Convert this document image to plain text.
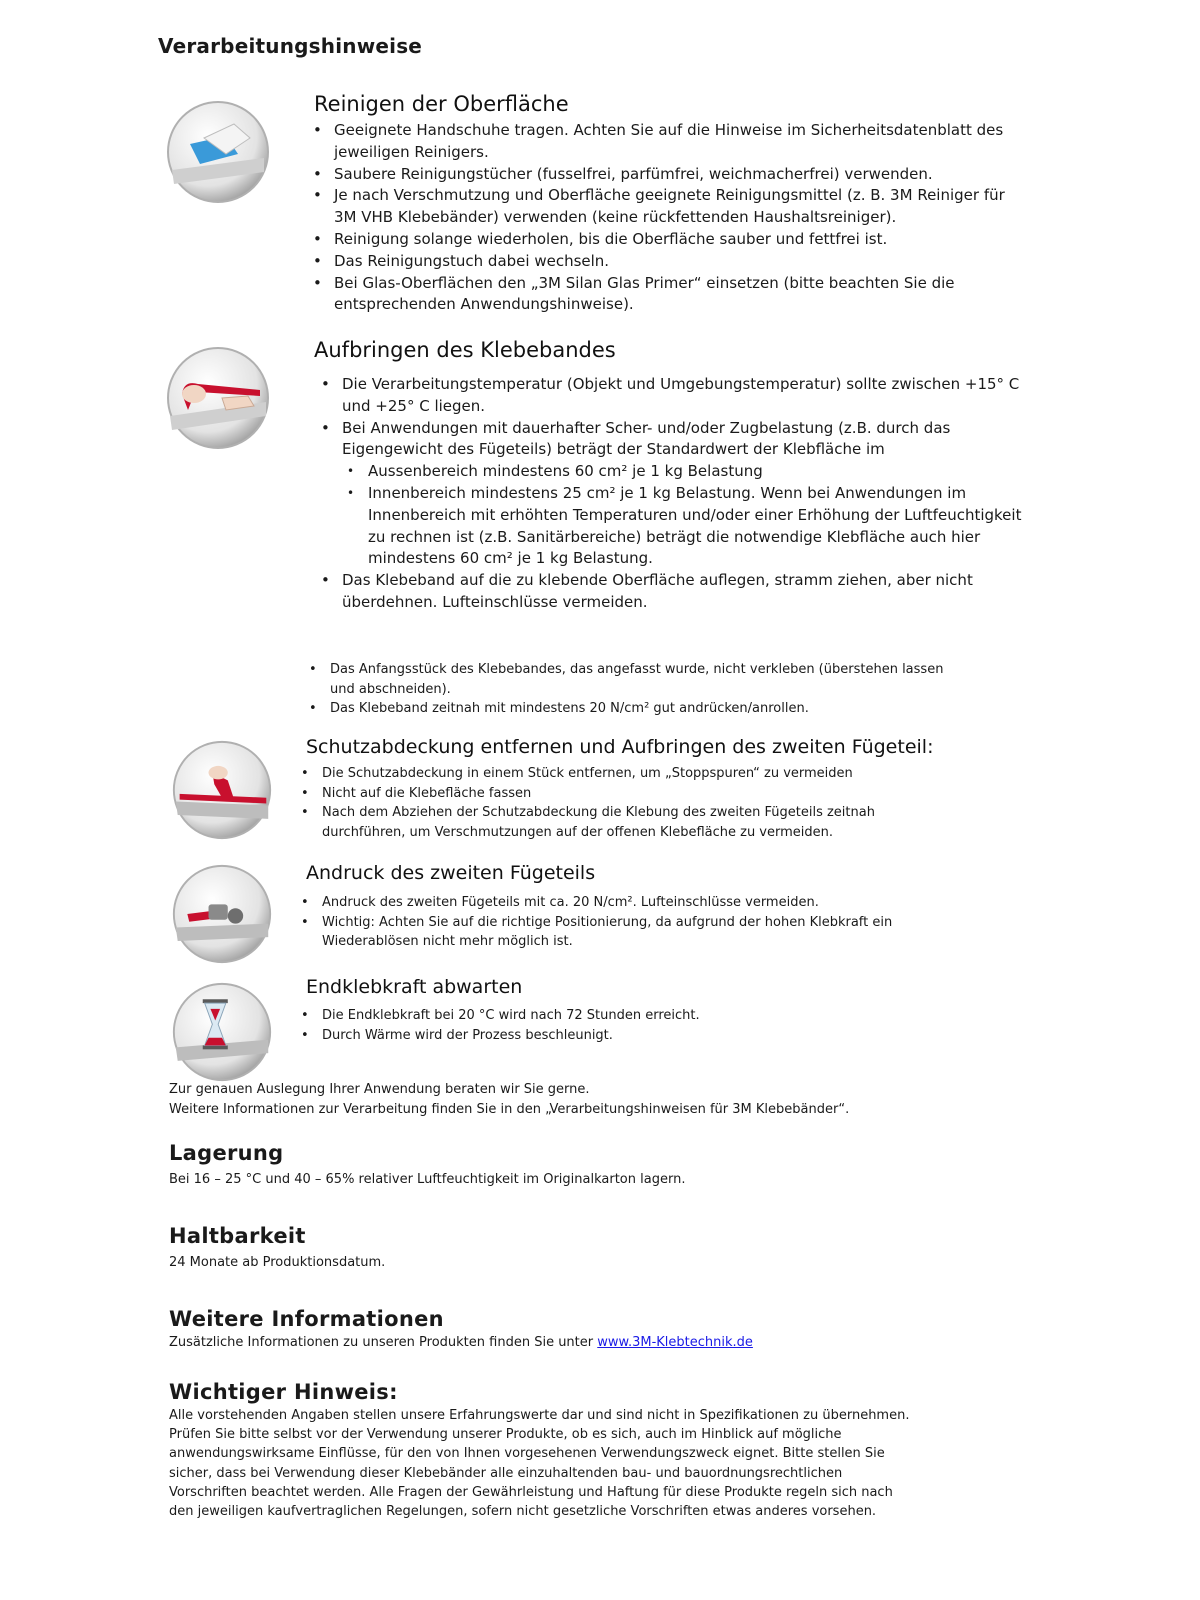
Verarbeitungshinweise
Reinigen der Oberfläche
• Geeignete Handschuhe tragen. Achten Sie auf die Hinweise im Sicherheitsdatenblatt des jeweiligen Reinigers.
• Saubere Reinigungstücher (fusselfrei, parfümfrei, weichmacherfrei) verwenden.
• Je nach Verschmutzung und Oberfläche geeignete Reinigungsmittel (z. B. 3M Reiniger für 3M VHB Klebebänder) verwenden (keine rückfettenden Haushaltsreiniger).
• Reinigung solange wiederholen, bis die Oberfläche sauber und fettfrei ist.
• Das Reinigungstuch dabei wechseln.
• Bei Glas-Oberflächen den „3M Silan Glas Primer“ einsetzen (bitte beachten Sie die entsprechenden Anwendungshinweise).
Aufbringen des Klebebandes
• Die Verarbeitungstemperatur (Objekt und Umgebungstemperatur) sollte zwischen +15° C und +25° C liegen.
• Bei Anwendungen mit dauerhafter Scher- und/oder Zugbelastung (z.B. durch das Eigengewicht des Fügeteils) beträgt der Standardwert der Klebfläche im
• Aussenbereich mindestens 60 cm² je 1 kg Belastung
• Innenbereich mindestens 25 cm² je 1 kg Belastung. Wenn bei Anwendungen im Innenbereich mit erhöhten Temperaturen und/oder einer Erhöhung der Luftfeuchtigkeit zu rechnen ist (z.B. Sanitärbereiche) beträgt die notwendige Klebfläche auch hier mindestens 60 cm² je 1 kg Belastung.
• Das Klebeband auf die zu klebende Oberfläche auflegen, stramm ziehen, aber nicht überdehnen. Lufteinschlüsse vermeiden.
• Das Anfangsstück des Klebebandes, das angefasst wurde, nicht verkleben (überstehen lassen und abschneiden).
• Das Klebeband zeitnah mit mindestens 20 N/cm² gut andrücken/anrollen.
Schutzabdeckung entfernen und Aufbringen des zweiten Fügeteil:
• Die Schutzabdeckung in einem Stück entfernen, um „Stoppspuren“ zu vermeiden
• Nicht auf die Klebefläche fassen
• Nach dem Abziehen der Schutzabdeckung die Klebung des zweiten Fügeteils zeitnah durchführen, um Verschmutzungen auf der offenen Klebefläche zu vermeiden.
Andruck des zweiten Fügeteils
• Andruck des zweiten Fügeteils mit ca. 20 N/cm². Lufteinschlüsse vermeiden.
• Wichtig: Achten Sie auf die richtige Positionierung, da aufgrund der hohen Klebkraft ein Wiederablösen nicht mehr möglich ist.
Endklebkraft abwarten
• Die Endklebkraft bei 20 °C wird nach 72 Stunden erreicht.
• Durch Wärme wird der Prozess beschleunigt.
Zur genauen Auslegung Ihrer Anwendung beraten wir Sie gerne.
Weitere Informationen zur Verarbeitung finden Sie in den „Verarbeitungshinweisen für 3M Klebebänder“.
Lagerung
Bei 16 – 25 °C und 40 – 65% relativer Luftfeuchtigkeit im Originalkarton lagern.
Haltbarkeit
24 Monate ab Produktionsdatum.
Weitere Informationen
Zusätzliche Informationen zu unseren Produkten finden Sie unter www.3M-Klebtechnik.de
Wichtiger Hinweis:
Alle vorstehenden Angaben stellen unsere Erfahrungswerte dar und sind nicht in Spezifikationen zu übernehmen. Prüfen Sie bitte selbst vor der Verwendung unserer Produkte, ob es sich, auch im Hinblick auf mögliche anwendungswirksame Einflüsse, für den von Ihnen vorgesehenen Verwendungszweck eignet. Bitte stellen Sie sicher, dass bei Verwendung dieser Klebebänder alle einzuhaltenden bau- und bauordnungsrechtlichen Vorschriften beachtet werden. Alle Fragen der Gewährleistung und Haftung für diese Produkte regeln sich nach den jeweiligen kaufvertraglichen Regelungen, sofern nicht gesetzliche Vorschriften etwas anderes vorsehen.
